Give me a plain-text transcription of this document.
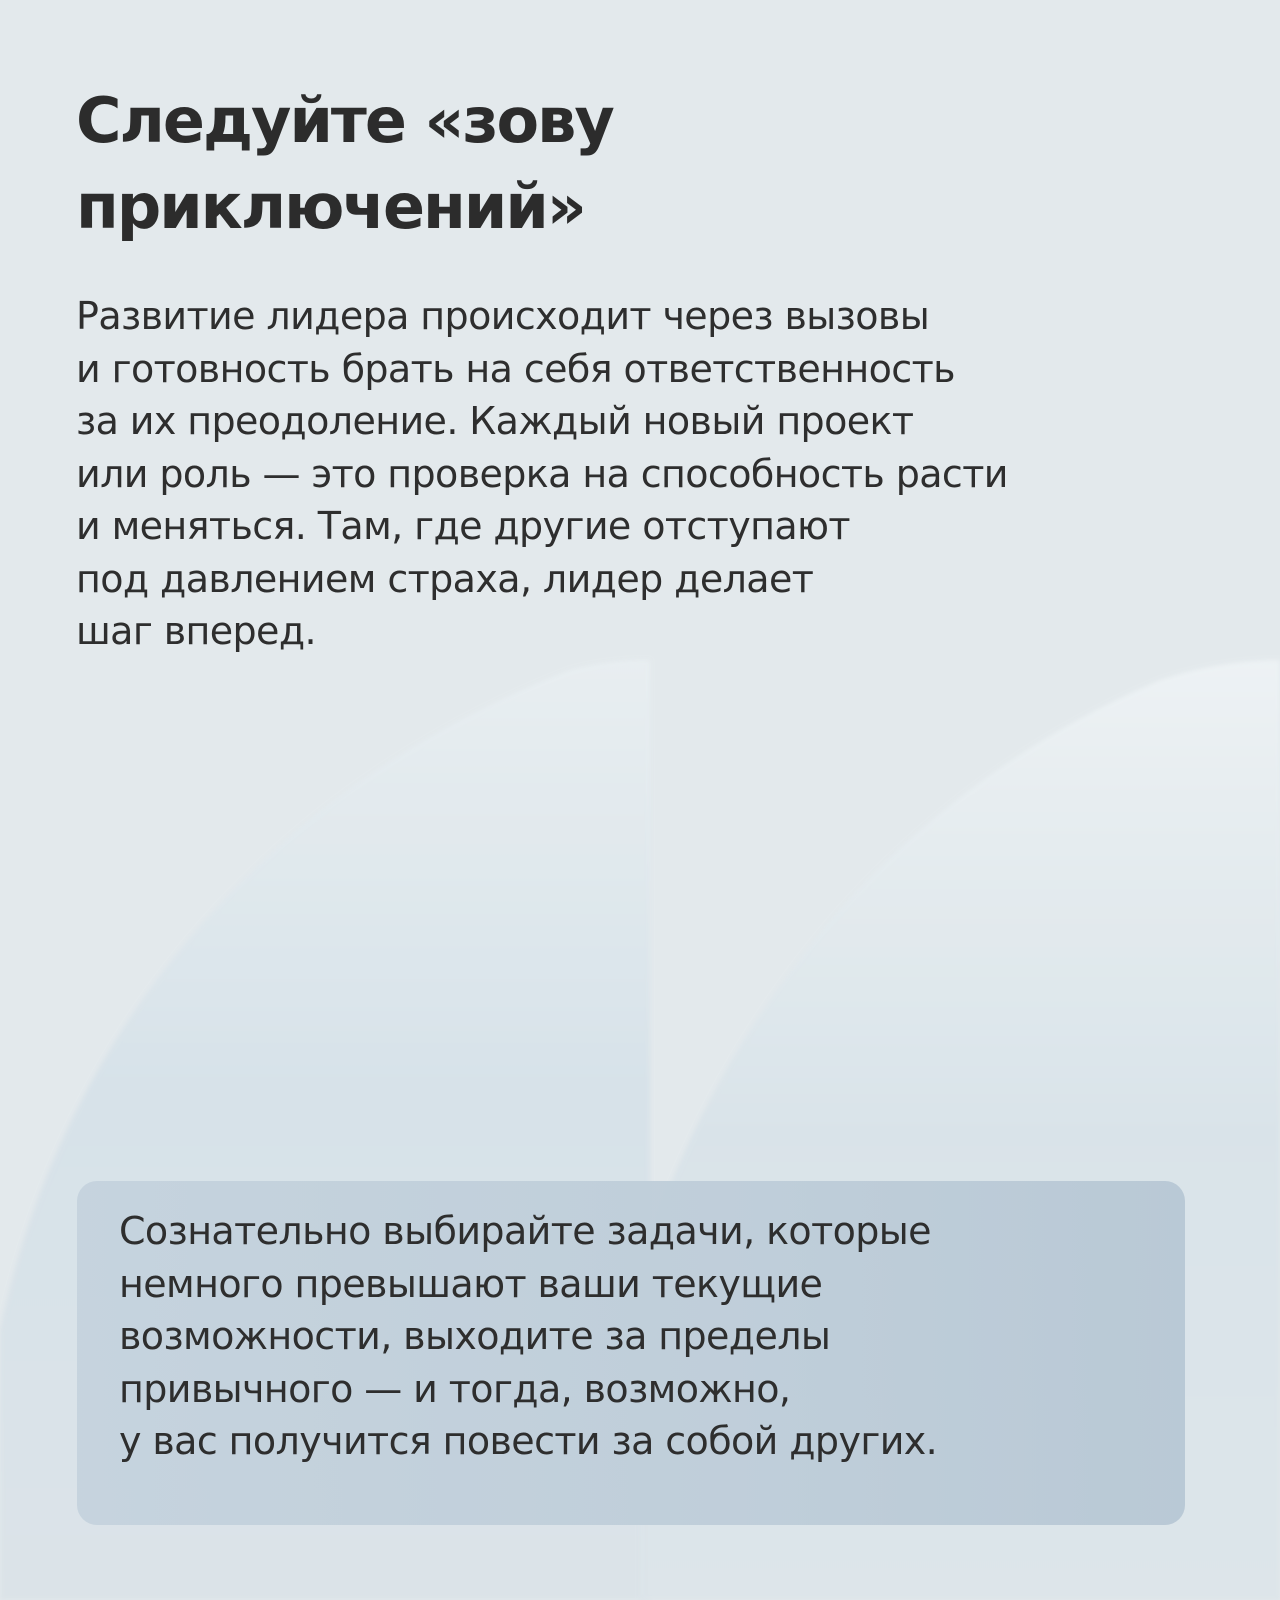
Следуйте «зову
приключений»

Развитие лидера происходит через вызовы
и готовность брать на себя ответственность
за их преодоление. Каждый новый проект
или роль — это проверка на способность расти
и меняться. Там, где другие отступают
под давлением страха, лидер делает
шаг вперед.

Сознательно выбирайте задачи, которые
немного превышают ваши текущие
возможности, выходите за пределы
привычного — и тогда, возможно,
у вас получится повести за собой других.
